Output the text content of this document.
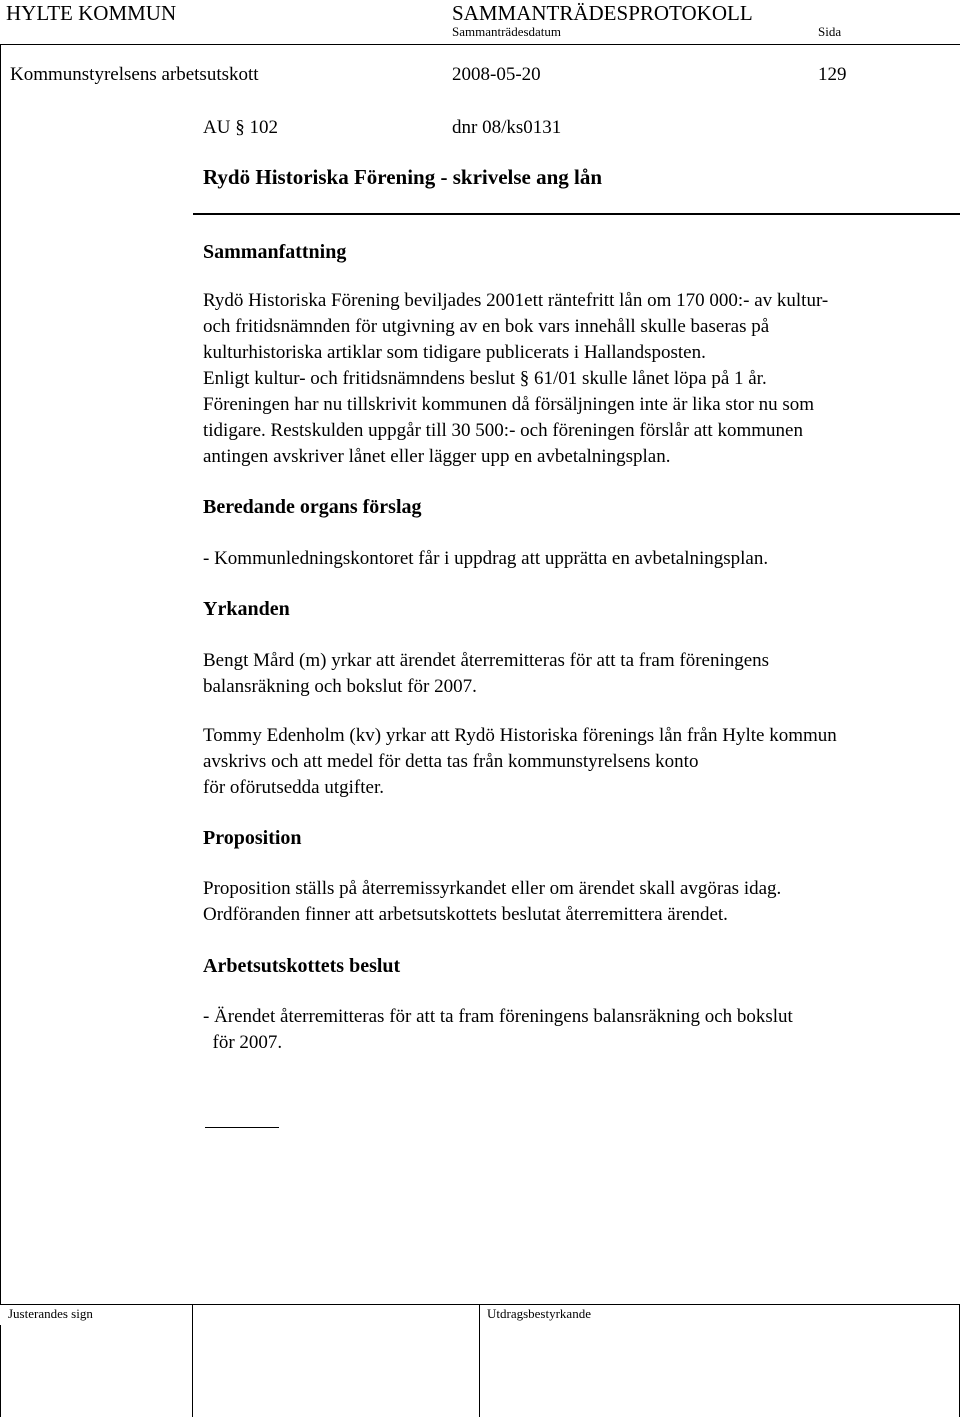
HYLTE KOMMUN	SAMMANTRÄDESPROTOKOLL
Sammanträdesdatum	Sida
Kommunstyrelsens arbetsutskott	2008-05-20	129
AU § 102	dnr 08/ks0131
Rydö Historiska Förening - skrivelse ang lån
Sammanfattning
Rydö Historiska Förening beviljades 2001ett räntefritt lån om 170 000:- av kultur-
och fritidsnämnden för utgivning av en bok vars innehåll skulle baseras på
kulturhistoriska artiklar som tidigare publicerats i Hallandsposten.
Enligt kultur- och fritidsnämndens beslut § 61/01 skulle lånet löpa på 1 år.
Föreningen har nu tillskrivit kommunen då försäljningen inte är lika stor nu som
tidigare. Restskulden uppgår till 30 500:- och föreningen förslår att kommunen
antingen avskriver lånet eller lägger upp en avbetalningsplan.
Beredande organs förslag
- Kommunledningskontoret får i uppdrag att upprätta en avbetalningsplan.
Yrkanden
Bengt Mård (m) yrkar att ärendet återremitteras för att ta fram föreningens
balansräkning och bokslut för 2007.
Tommy Edenholm (kv) yrkar att Rydö Historiska förenings lån från Hylte kommun
avskrivs och att medel för detta tas från kommunstyrelsens konto
för oförutsedda utgifter.
Proposition
Proposition ställs på återremissyrkandet eller om ärendet skall avgöras idag.
Ordföranden finner att arbetsutskottets beslutat återremittera ärendet.
Arbetsutskottets beslut
- Ärendet återremitteras för att ta fram föreningens balansräkning och bokslut
för 2007.
Justerandes sign	Utdragsbestyrkande
